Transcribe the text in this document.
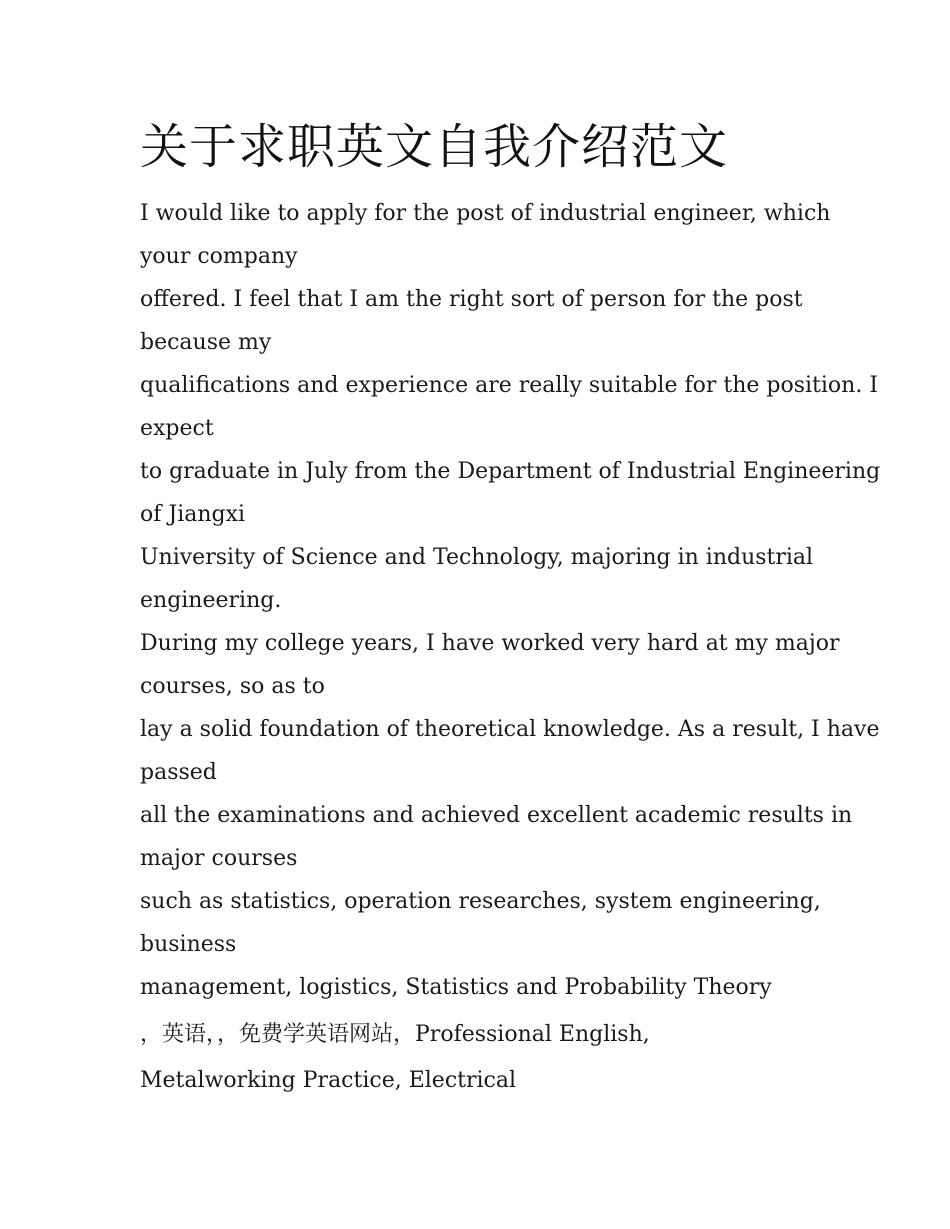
关于求职英文自我介绍范文

I would like to apply for the post of industrial engineer, which

your company

offered. I feel that I am the right sort of person for the post

because my

qualifications and experience are really suitable for the position. I

expect

to graduate in July from the Department of Industrial Engineering

of Jiangxi

University of Science and Technology, majoring in industrial

engineering.

During my college years, I have worked very hard at my major

courses, so as to

lay a solid foundation of theoretical knowledge. As a result, I have

passed

all the examinations and achieved excellent academic results in

major courses

such as statistics, operation researches, system engineering,

business

management, logistics, Statistics and Probability Theory

，英语，，免费学英语网站，Professional English,

Metalworking Practice, Electrical
